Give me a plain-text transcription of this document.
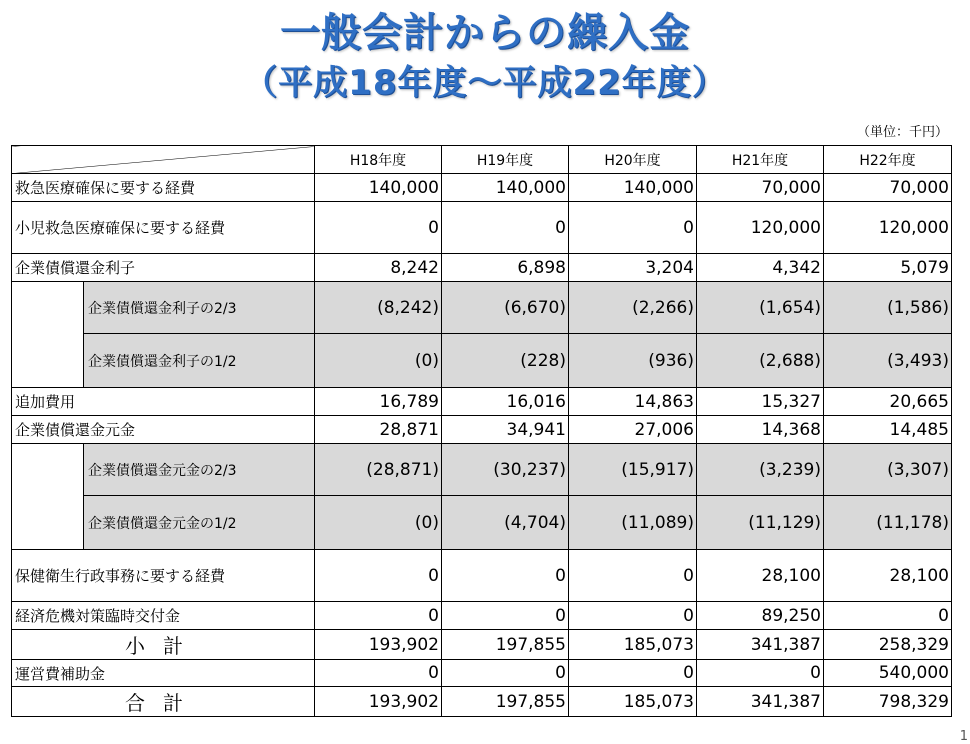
一般会計からの繰入金
（平成18年度～平成22年度）
（単位：千円）
		H18年度	H19年度	H20年度	H21年度	H22年度
救急医療確保に要する経費		140,000	140,000	140,000	70,000	70,000
小児救急医療確保に要する経費		0	0	0	120,000	120,000
企業債償還金利子		8,242	6,898	3,204	4,342	5,079
	企業債償還金利子の2/3	(8,242)	(6,670)	(2,266)	(1,654)	(1,586)
	企業債償還金利子の1/2	(0)	(228)	(936)	(2,688)	(3,493)
追加費用		16,789	16,016	14,863	15,327	20,665
企業債償還金元金		28,871	34,941	27,006	14,368	14,485
	企業債償還金元金の2/3	(28,871)	(30,237)	(15,917)	(3,239)	(3,307)
	企業債償還金元金の1/2	(0)	(4,704)	(11,089)	(11,129)	(11,178)
保健衛生行政事務に要する経費		0	0	0	28,100	28,100
経済危機対策臨時交付金		0	0	0	89,250	0
小計		193,902	197,855	185,073	341,387	258,329
運営費補助金		0	0	0	0	540,000
合計		193,902	197,855	185,073	341,387	798,329
1
